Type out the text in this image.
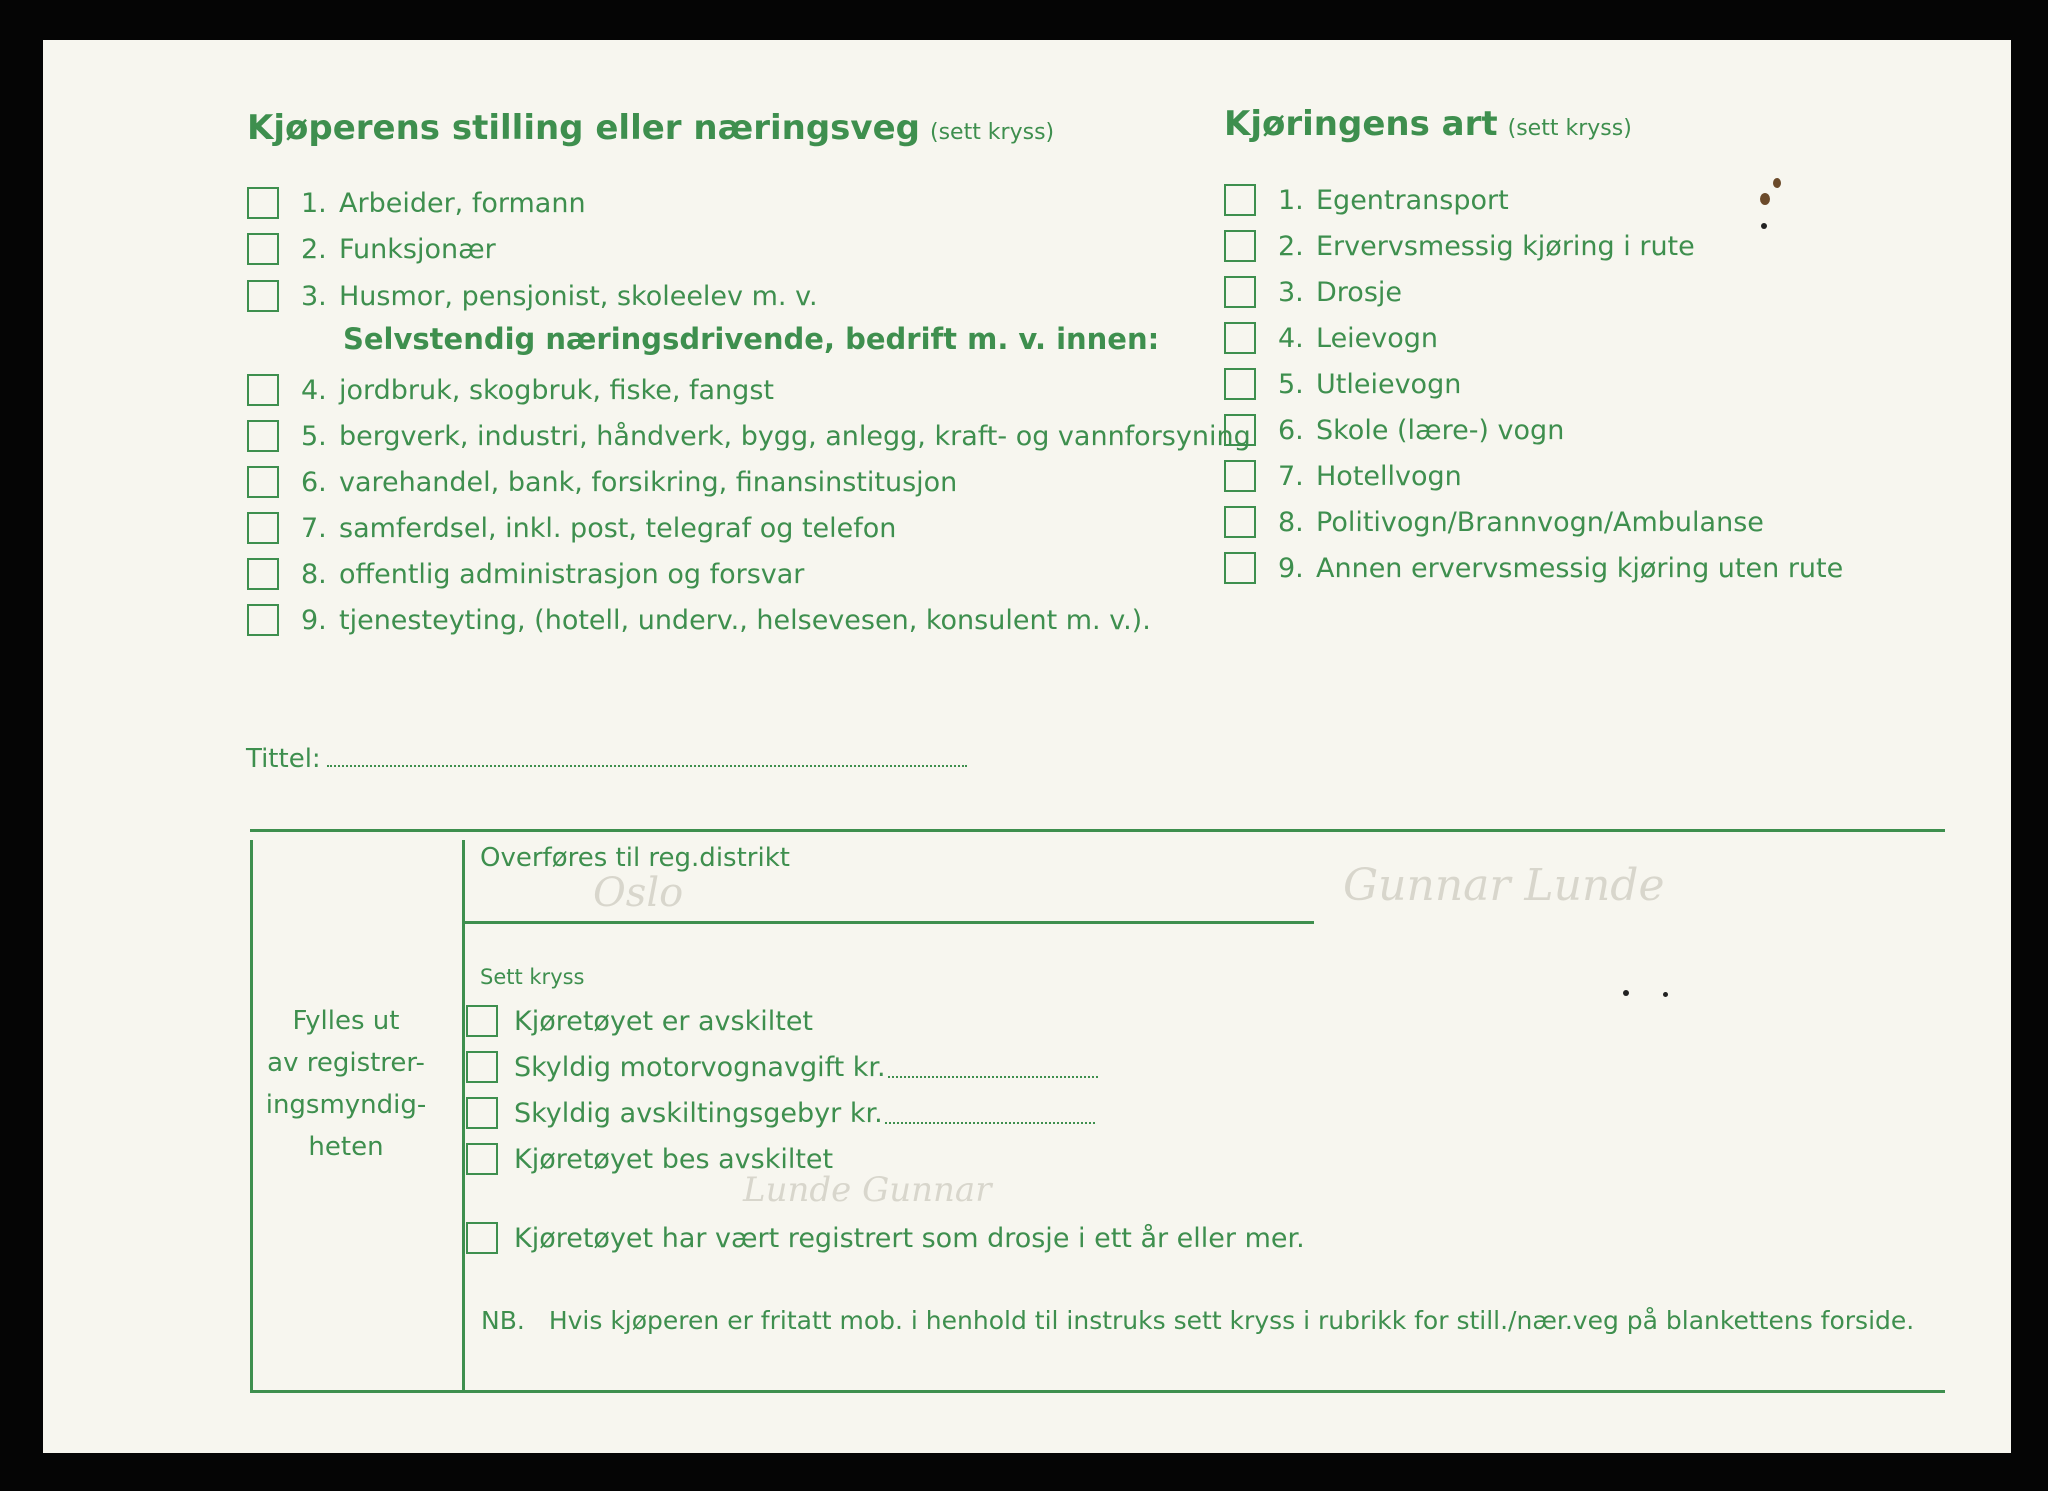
Kjøperens stilling eller næringsveg (sett kryss)
1. Arbeider, formann
2. Funksjonær
3. Husmor, pensjonist, skoleelev m. v.
Selvstendig næringsdrivende, bedrift m. v. innen:
4. jordbruk, skogbruk, fiske, fangst
5. bergverk, industri, håndverk, bygg, anlegg, kraft- og vannforsyning
6. varehandel, bank, forsikring, finansinstitusjon
7. samferdsel, inkl. post, telegraf og telefon
8. offentlig administrasjon og forsvar
9. tjenesteyting, (hotell, underv., helsevesen, konsulent m. v.).
Kjøringens art (sett kryss)
1. Egentransport
2. Ervervsmessig kjøring i rute
3. Drosje
4. Leievogn
5. Utleievogn
6. Skole (lære-) vogn
7. Hotellvogn
8. Politivogn/Brannvogn/Ambulanse
9. Annen ervervsmessig kjøring uten rute
Tittel:
Fylles ut
av registrer-
ingsmyndig-
heten
Overføres til reg.distrikt
Oslo
Sett kryss
Kjøretøyet er avskiltet
Skyldig motorvognavgift kr.
Skyldig avskiltingsgebyr kr.
Kjøretøyet bes avskiltet
Kjøretøyet har vært registrert som drosje i ett år eller mer.
NB. Hvis kjøperen er fritatt mob. i henhold til instruks sett kryss i rubrikk for still./nær.veg på blankettens forside.
Gunnar Lunde
Lunde Gunnar
